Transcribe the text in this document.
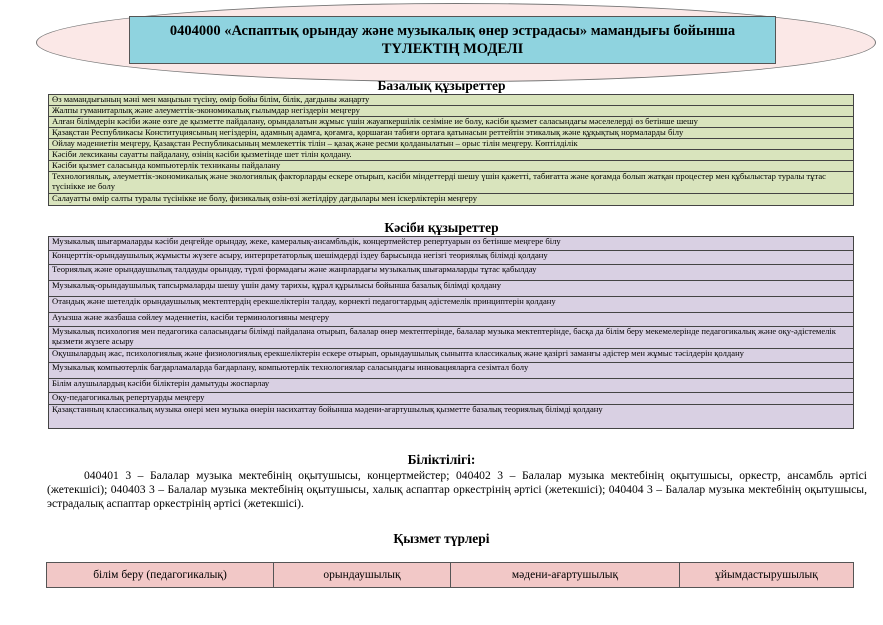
0404000 «Аспаптық орындау және музыкалық өнер эстрадасы» мамандығы бойынша
ТҮЛЕКТІҢ МОДЕЛІ
Базалық құзыреттер
Өз мамандығының мәні мен маңызын түсіну, өмір бойы білім, білік, дағдыны жаңарту
Жалпы гуманитарлық және әлеуметтік-экономикалық ғылымдар негіздерін меңгеру
Алған білімдерін кәсіби және өзге де қызметте пайдалану, орындалатын жұмыс үшін жауапкершілік сезіміне ие болу, кәсіби қызмет саласындағы мәселелерді өз бетінше шешу
Қазақстан Республикасы Конституциясының негіздерін, адамның адамға, қоғамға, қоршаған табиғи ортаға қатынасын реттейтін этикалық және құқықтық нормаларды білу
Ойлау мәдениетін меңгеру, Қазақстан Республикасының мемлекеттік тілін – қазақ және ресми қолданылатын – орыс тілін меңгеру. Көптілділік
Кәсіби лексиканы сауатты пайдалану, өзінің кәсіби қызметінде шет тілін қолдану.
Кәсіби қызмет саласында компьютерлік техниканы пайдалану
Технологиялық, әлеуметтік-экономикалық және экологиялық факторларды ескере отырып, кәсіби міндеттерді шешу үшін қажетті, табиғатта және қоғамда болып жатқан процестер мен құбылыстар туралы тұтас түсінікке ие болу
Салауатты өмір салты туралы түсінікке ие болу, физикалық өзін-өзі жетілдіру дағдылары мен іскерліктерін меңгеру
Кәсіби құзыреттер
Музыкалық шығармаларды кәсіби деңгейде орындау, жеке, камералық-ансамбльдік, концертмейстер репертуарын өз бетінше меңгере білу
Концерттік-орындаушылық жұмысты жүзеге асыру, интерпретаторлық шешімдерді іздеу барысында негізгі теориялық білімді қолдану
Теориялық және орындаушылық талдауды орындау, түрлі формадағы және жанрлардағы музыкалық шығармаларды тұтас қабылдау
Музыкалық-орындаушылық тапсырмаларды шешу үшін даму тарихы, құрал құрылысы бойынша базалық білімді қолдану
Отандық және шетелдік орындаушылық мектептердің ерекшеліктерін талдау, көрнекті педагогтардың әдістемелік принциптерін қолдану
Ауызша және жазбаша сөйлеу мәдениетін, кәсіби терминологияны меңгеру
Музыкалық психология мен педагогика саласындағы білімді пайдалана отырып, балалар өнер мектептерінде, балалар музыка мектептерінде, басқа да білім беру мекемелерінде педагогикалық және оқу-әдістемелік қызмети жүзеге асыру
Оқушылардың жас, психологиялық және физиологиялық ерекшеліктерін ескере отырып, орындаушылық сыныпта классикалық және қазіргі заманғы әдістер мен жұмыс тәсілдерін қолдану
Музыкалық компьютерлік бағдарламаларда бағдарлану, компьютерлік технологиялар саласындағы инновацияларға сезімтал болу
Білім алушылардың кәсіби біліктерін дамытуды жоспарлау
Оқу-педагогикалық репертуарды меңгеру
Қазақстанның классикалық музыка өнері мен музыка өнерін насихаттау бойынша мәдени-ағартушылық қызметте базалық теориялық білімді қолдану
Біліктілігі:
040401 3 – Балалар музыка мектебінің оқытушысы, концертмейстер; 040402 3 – Балалар музыка мектебінің оқытушысы, оркестр, ансамбль әртісі (жетекшісі); 040403 3 – Балалар музыка мектебінің оқытушысы, халық аспаптар оркестрінің әртісі (жетекшісі); 040404 3 – Балалар музыка мектебінің оқытушысы, эстрадалық аспаптар оркестрінің әртісі (жетекшісі).
Қызмет түрлері
білім беру (педагогикалық)	орындаушылық	мәдени-ағартушылық	ұйымдастырушылық
